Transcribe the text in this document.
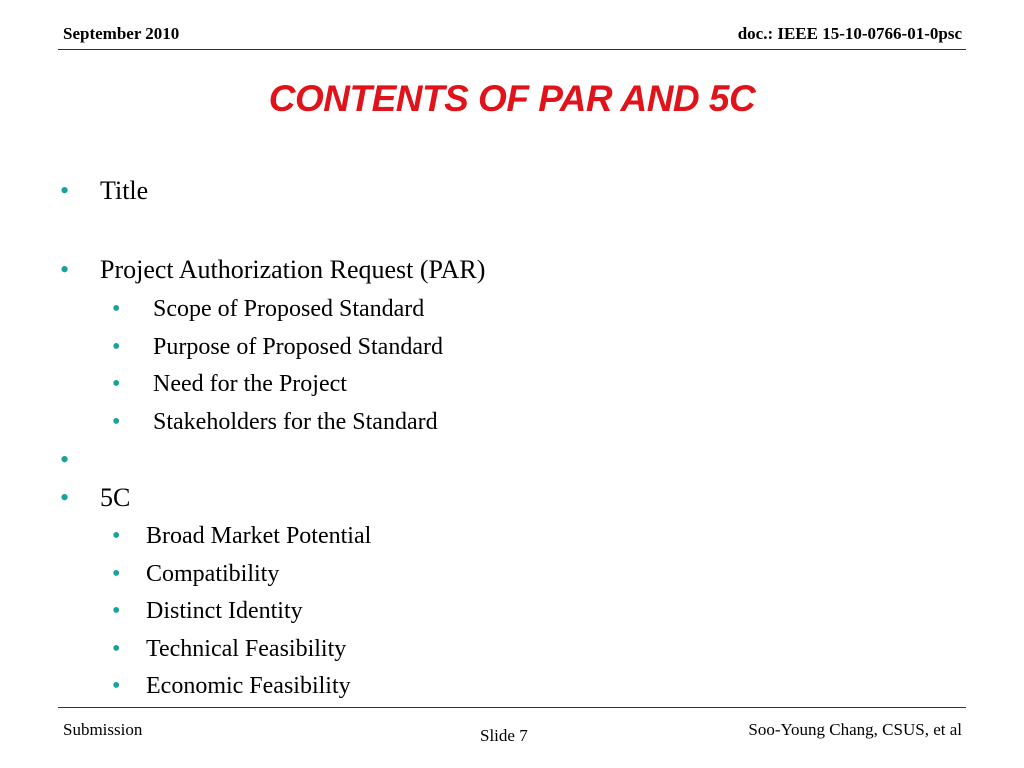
September 2010	doc.: IEEE 15-10-0766-01-0psc
CONTENTS OF PAR AND 5C
•	Title
•	Project Authorization Request (PAR)
•	Scope of Proposed Standard
•	Purpose of Proposed Standard
•	Need for the Project
•	Stakeholders for the Standard
•
•	5C
•	Broad Market Potential
•	Compatibility
•	Distinct Identity
•	Technical Feasibility
•	Economic Feasibility
Submission	Slide 7	Soo-Young Chang, CSUS, et al
